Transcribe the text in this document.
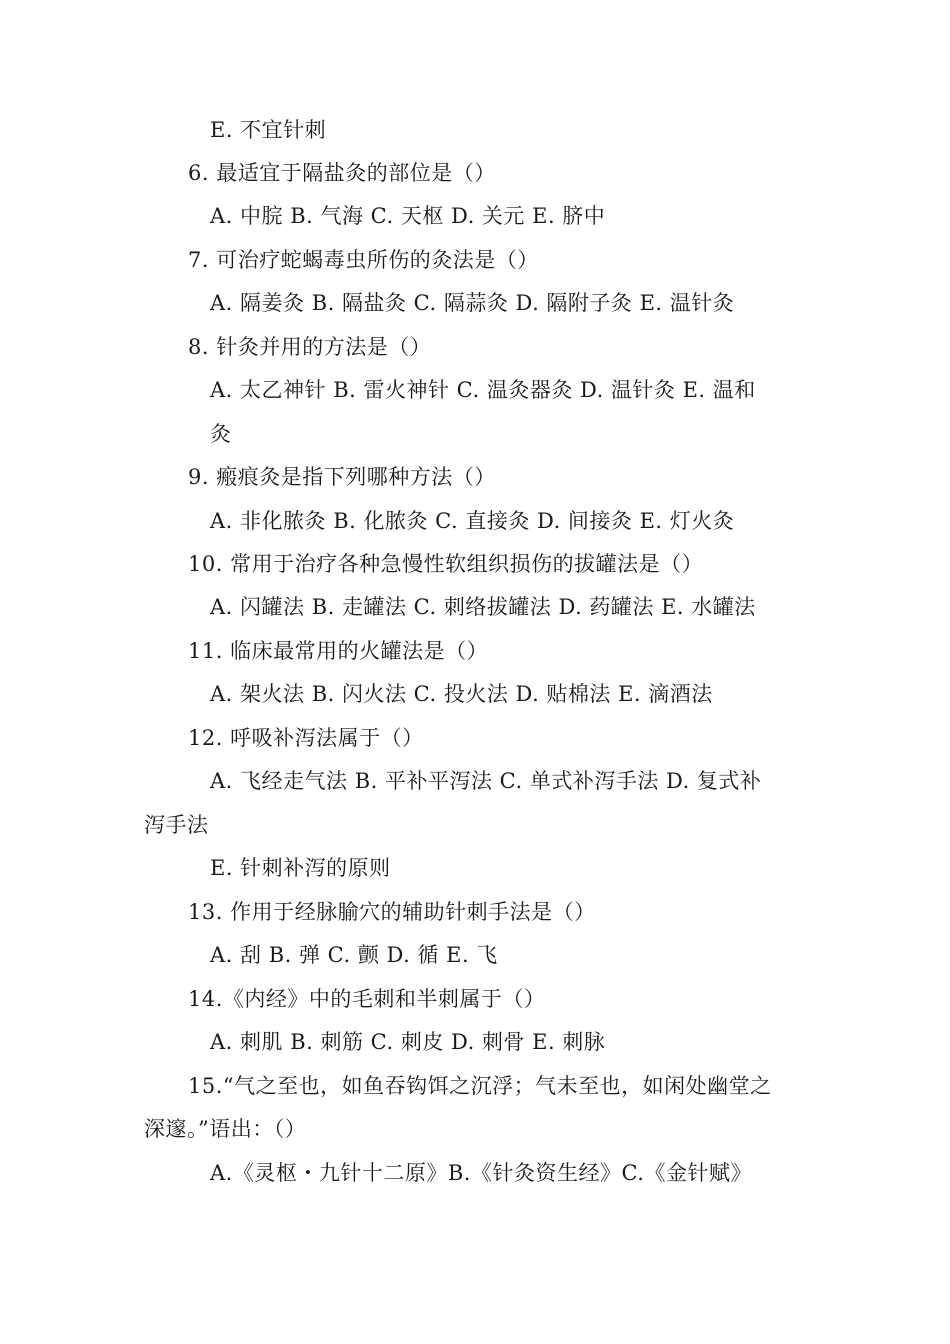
E. 不宜针刺
6. 最适宜于隔盐灸的部位是（）
A. 中脘 B. 气海 C. 天枢 D. 关元 E. 脐中
7. 可治疗蛇蝎毒虫所伤的灸法是（）
A. 隔姜灸 B. 隔盐灸 C. 隔蒜灸 D. 隔附子灸 E. 温针灸
8. 针灸并用的方法是（）
A. 太乙神针 B. 雷火神针 C. 温灸器灸 D. 温针灸 E. 温和
灸
9. 瘢痕灸是指下列哪种方法（）
A. 非化脓灸 B. 化脓灸 C. 直接灸 D. 间接灸 E. 灯火灸
10. 常用于治疗各种急慢性软组织损伤的拔罐法是（）
A. 闪罐法 B. 走罐法 C. 刺络拔罐法 D. 药罐法 E. 水罐法
11. 临床最常用的火罐法是（）
A. 架火法 B. 闪火法 C. 投火法 D. 贴棉法 E. 滴酒法
12. 呼吸补泻法属于（）
A. 飞经走气法 B. 平补平泻法 C. 单式补泻手法 D. 复式补
泻手法
E. 针刺补泻的原则
13. 作用于经脉腧穴的辅助针刺手法是（）
A. 刮 B. 弹 C. 颤 D. 循 E. 飞
14.《内经》中的毛刺和半刺属于（）
A. 刺肌 B. 刺筋 C. 刺皮 D. 刺骨 E. 刺脉
15.“气之至也，如鱼吞钩饵之沉浮；气未至也，如闲处幽堂之
深邃。”语出：（）
A.《灵枢・九针十二原》B.《针灸资生经》C.《金针赋》
